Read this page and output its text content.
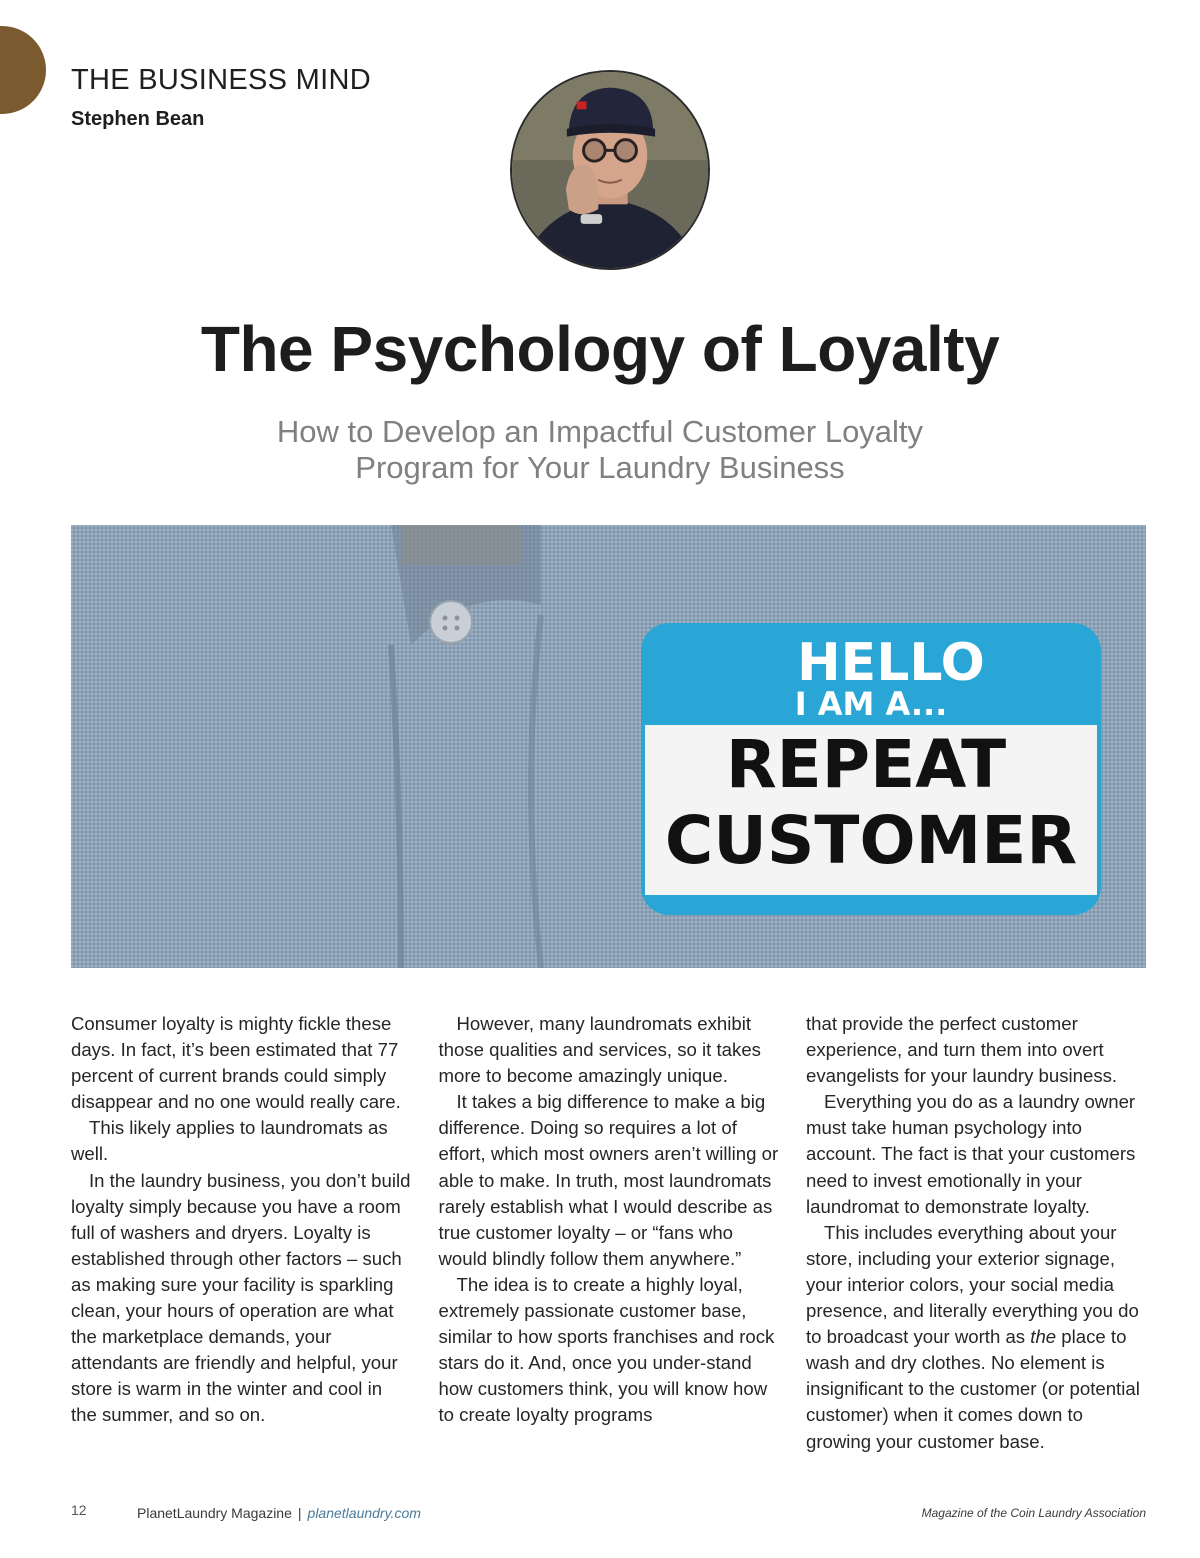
THE BUSINESS MIND
Stephen Bean
The Psychology of Loyalty
How to Develop an Impactful Customer Loyalty
Program for Your Laundry Business
HELLO
I AM A...
REPEAT
CUSTOMER

Consumer loyalty is mighty fickle these days. In fact, it’s been estimated that 77 percent of current brands could simply disappear and no one would really care.

This likely applies to laundromats as well.

In the laundry business, you don’t build loyalty simply because you have a room full of washers and dryers. Loyalty is established through other factors – such as making sure your facility is sparkling clean, your hours of operation are what the marketplace demands, your attendants are friendly and helpful, your store is warm in the winter and cool in the summer, and so on.

However, many laundromats exhibit those qualities and services, so it takes more to become amazingly unique.

It takes a big difference to make a big difference. Doing so requires a lot of effort, which most owners aren’t willing or able to make. In truth, most laundromats rarely establish what I would describe as true customer loyalty – or “fans who would blindly follow them anywhere.”

The idea is to create a highly loyal, extremely passionate customer base, similar to how sports franchises and rock stars do it. And, once you under-stand how customers think, you will know how to create loyalty programs

that provide the perfect customer experience, and turn them into overt evangelists for your laundry business.

Everything you do as a laundry owner must take human psychology into account. The fact is that your customers need to invest emotionally in your laundromat to demonstrate loyalty.

This includes everything about your store, including your exterior signage, your interior colors, your social media presence, and literally everything you do to broadcast your worth as the place to wash and dry clothes. No element is insignificant to the customer (or potential customer) when it comes down to growing your customer base.

12	PlanetLaundry Magazine | planetlaundry.com	Magazine of the Coin Laundry Association
